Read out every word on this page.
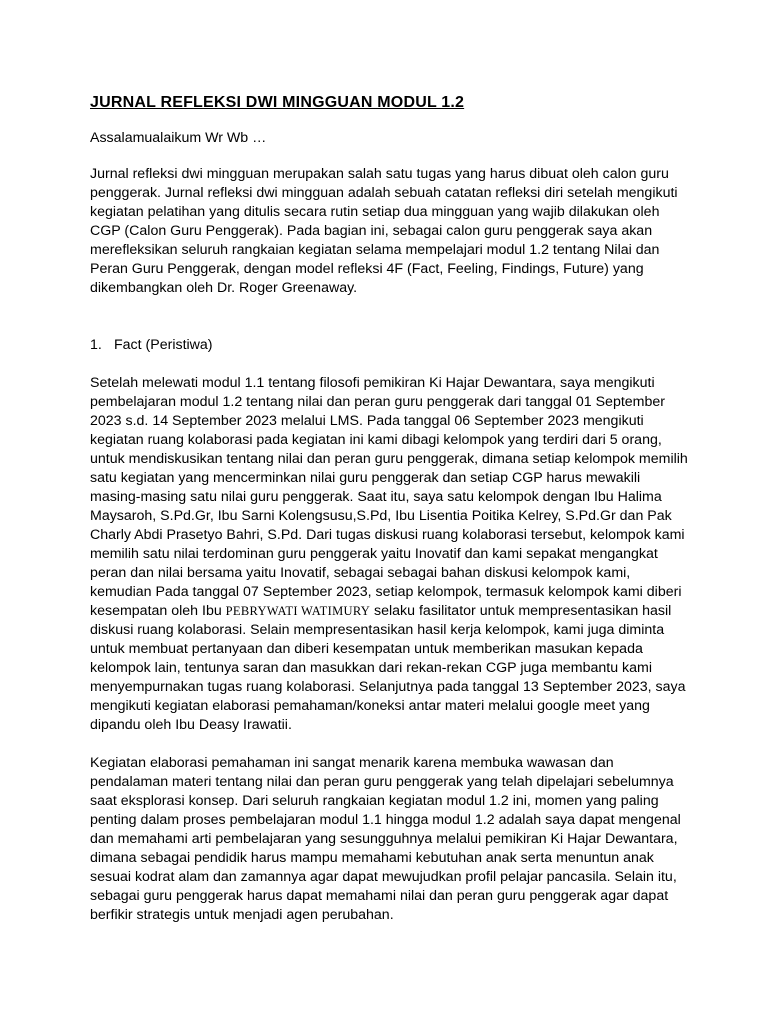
JURNAL REFLEKSI DWI MINGGUAN MODUL 1.2

Assalamualaikum Wr Wb …

Jurnal refleksi dwi mingguan merupakan salah satu tugas yang harus dibuat oleh calon guru penggerak. Jurnal refleksi dwi mingguan adalah sebuah catatan refleksi diri setelah mengikuti kegiatan pelatihan yang ditulis secara rutin setiap dua mingguan yang wajib dilakukan oleh CGP (Calon Guru Penggerak). Pada bagian ini, sebagai calon guru penggerak saya akan merefleksikan seluruh rangkaian kegiatan selama mempelajari modul 1.2 tentang Nilai dan Peran Guru Penggerak, dengan model refleksi 4F (Fact, Feeling, Findings, Future) yang dikembangkan oleh Dr. Roger Greenaway.

1. Fact (Peristiwa)

Setelah melewati modul 1.1 tentang filosofi pemikiran Ki Hajar Dewantara, saya mengikuti pembelajaran modul 1.2 tentang nilai dan peran guru penggerak dari tanggal 01 September 2023 s.d. 14 September 2023 melalui LMS. Pada tanggal 06 September 2023 mengikuti kegiatan ruang kolaborasi pada kegiatan ini kami dibagi kelompok yang terdiri dari 5 orang, untuk mendiskusikan tentang nilai dan peran guru penggerak, dimana setiap kelompok memilih satu kegiatan yang mencerminkan nilai guru penggerak dan setiap CGP harus mewakili masing-masing satu nilai guru penggerak. Saat itu, saya satu kelompok dengan Ibu Halima Maysaroh, S.Pd.Gr, Ibu Sarni Kolengsusu,S.Pd, Ibu Lisentia Poitika Kelrey, S.Pd.Gr dan Pak Charly Abdi Prasetyo Bahri, S.Pd. Dari tugas diskusi ruang kolaborasi tersebut, kelompok kami memilih satu nilai terdominan guru penggerak yaitu Inovatif dan kami sepakat mengangkat peran dan nilai bersama yaitu Inovatif, sebagai sebagai bahan diskusi kelompok kami, kemudian Pada tanggal 07 September 2023, setiap kelompok, termasuk kelompok kami diberi kesempatan oleh Ibu PEBRYWATI WATIMURY selaku fasilitator untuk mempresentasikan hasil diskusi ruang kolaborasi. Selain mempresentasikan hasil kerja kelompok, kami juga diminta untuk membuat pertanyaan dan diberi kesempatan untuk memberikan masukan kepada kelompok lain, tentunya saran dan masukkan dari rekan-rekan CGP juga membantu kami menyempurnakan tugas ruang kolaborasi. Selanjutnya pada tanggal 13 September 2023, saya mengikuti kegiatan elaborasi pemahaman/koneksi antar materi melalui google meet yang dipandu oleh Ibu Deasy Irawatii.

Kegiatan elaborasi pemahaman ini sangat menarik karena membuka wawasan dan pendalaman materi tentang nilai dan peran guru penggerak yang telah dipelajari sebelumnya saat eksplorasi konsep. Dari seluruh rangkaian kegiatan modul 1.2 ini, momen yang paling penting dalam proses pembelajaran modul 1.1 hingga modul 1.2 adalah saya dapat mengenal dan memahami arti pembelajaran yang sesungguhnya melalui pemikiran Ki Hajar Dewantara, dimana sebagai pendidik harus mampu memahami kebutuhan anak serta menuntun anak sesuai kodrat alam dan zamannya agar dapat mewujudkan profil pelajar pancasila. Selain itu, sebagai guru penggerak harus dapat memahami nilai dan peran guru penggerak agar dapat berfikir strategis untuk menjadi agen perubahan.
